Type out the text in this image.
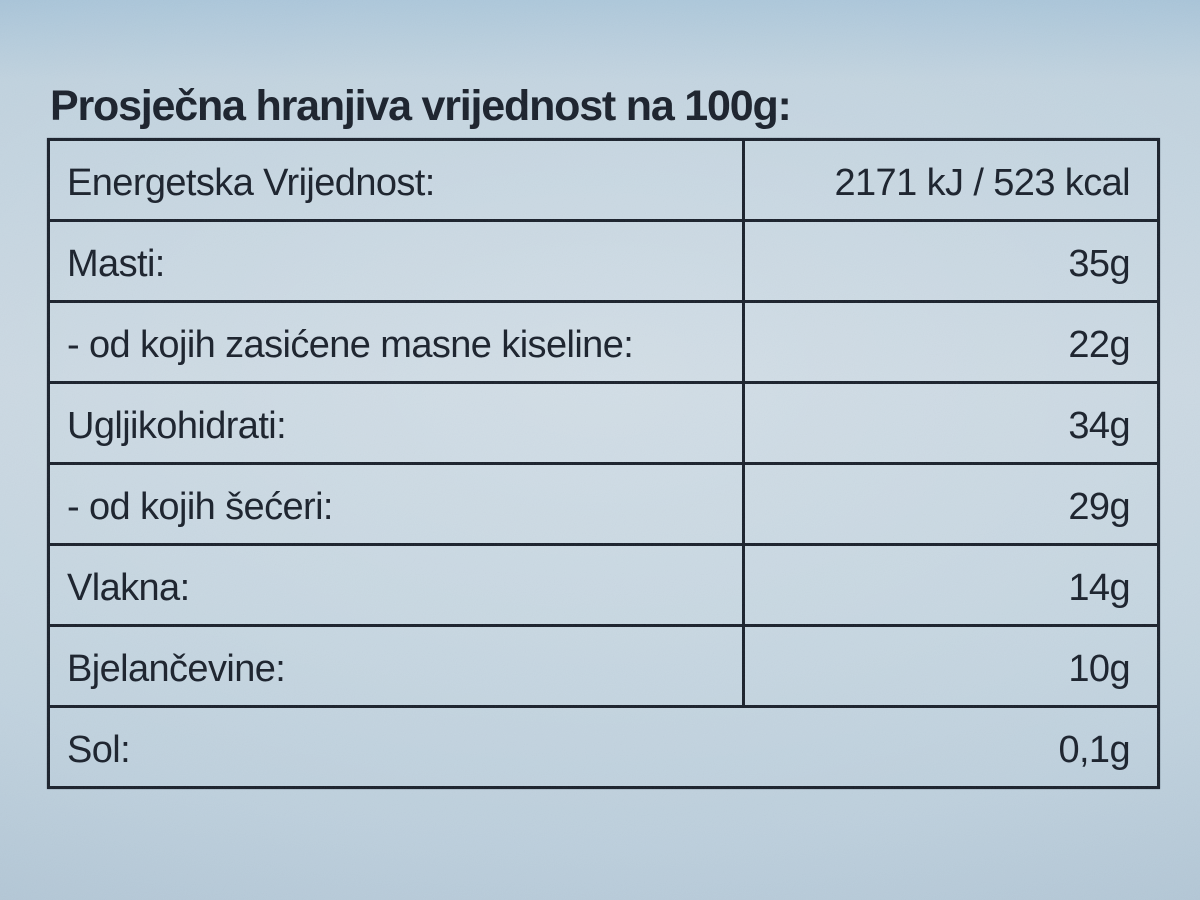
Prosječna hranjiva vrijednost na 100g:
Energetska Vrijednost:	2171 kJ / 523 kcal
Masti:	35g
- od kojih zasićene masne kiseline:	22g
Ugljikohidrati:	34g
- od kojih šećeri:	29g
Vlakna:	14g
Bjelančevine:	10g
Sol:	0,1g
